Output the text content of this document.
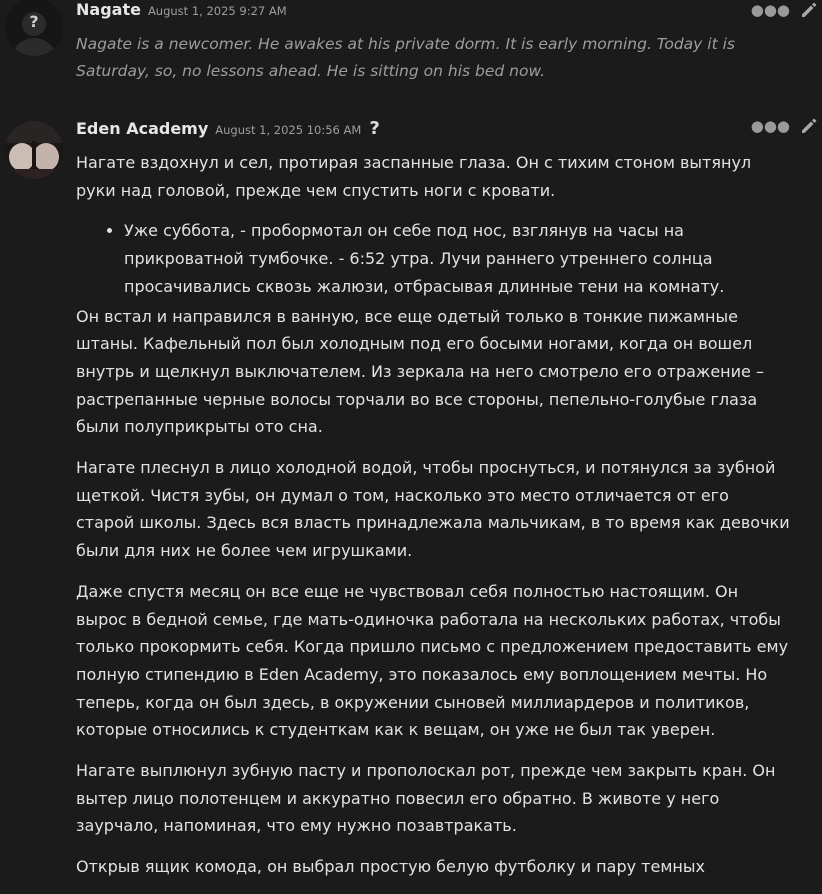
?
Nagate August 1, 2025 9:27 AM	●●●

Nagate is a newcomer. He awakes at his private dorm. It is early morning. Today it is Saturday, so, no lessons ahead. He is sitting on his bed now.

Eden Academy August 1, 2025 10:56 AM ?

Нагате вздохнул и сел, протирая заспанные глаза. Он с тихим стоном вытянул руки над головой, прежде чем спустить ноги с кровати.

• Уже суббота, - пробормотал он себе под нос, взглянув на часы на прикроватной тумбочке. - 6:52 утра. Лучи раннего утреннего солнца просачивались сквозь жалюзи, отбрасывая длинные тени на комнату.

Он встал и направился в ванную, все еще одетый только в тонкие пижамные штаны. Кафельный пол был холодным под его босыми ногами, когда он вошел внутрь и щелкнул выключателем. Из зеркала на него смотрело его отражение – растрепанные черные волосы торчали во все стороны, пепельно-голубые глаза были полуприкрыты ото сна.

Нагате плеснул в лицо холодной водой, чтобы проснуться, и потянулся за зубной щеткой. Чистя зубы, он думал о том, насколько это место отличается от его старой школы. Здесь вся власть принадлежала мальчикам, в то время как девочки были для них не более чем игрушками.

Даже спустя месяц он все еще не чувствовал себя полностью настоящим. Он вырос в бедной семье, где мать-одиночка работала на нескольких работах, чтобы только прокормить себя. Когда пришло письмо с предложением предоставить ему полную стипендию в Eden Academy, это показалось ему воплощением мечты. Но теперь, когда он был здесь, в окружении сыновей миллиардеров и политиков, которые относились к студенткам как к вещам, он уже не был так уверен.

Нагате выплюнул зубную пасту и прополоскал рот, прежде чем закрыть кран. Он вытер лицо полотенцем и аккуратно повесил его обратно. В животе у него заурчало, напоминая, что ему нужно позавтракать.

Открыв ящик комода, он выбрал простую белую футболку и пару темных

●●●
